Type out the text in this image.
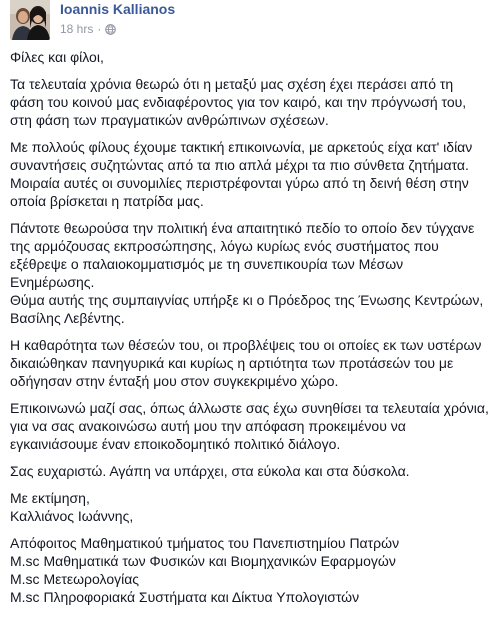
Ioannis Kallianos
18 hrs ·

Φίλες και φίλοι,

Τα τελευταία χρόνια θεωρώ ότι η μεταξύ μας σχέση έχει περάσει από τη
φάση του κοινού μας ενδιαφέροντος για τον καιρό, και την πρόγνωσή του,
στη φάση των πραγματικών ανθρώπινων σχέσεων.

Με πολλούς φίλους έχουμε τακτική επικοινωνία, με αρκετούς είχα κατ' ιδίαν
συναντήσεις συζητώντας από τα πιο απλά μέχρι τα πιο σύνθετα ζητήματα.
Μοιραία αυτές οι συνομιλίες περιστρέφονται γύρω από τη δεινή θέση στην
οποία βρίσκεται η πατρίδα μας.

Πάντοτε θεωρούσα την πολιτική ένα απαιτητικό πεδίο το οποίο δεν τύγχανε
της αρμόζουσας εκπροσώπησης, λόγω κυρίως ενός συστήματος που
εξέθρεψε ο παλαιοκομματισμός με τη συνεπικουρία των Μέσων
Ενημέρωσης.
Θύμα αυτής της συμπαιγνίας υπήρξε κι ο Πρόεδρος της Ένωσης Κεντρώων,
Βασίλης Λεβέντης.

Η καθαρότητα των θέσεών του, οι προβλέψεις του οι οποίες εκ των υστέρων
δικαιώθηκαν πανηγυρικά και κυρίως η αρτιότητα των προτάσεών του με
οδήγησαν στην ένταξή μου στον συγκεκριμένο χώρο.

Επικοινωνώ μαζί σας, όπως άλλωστε σας έχω συνηθίσει τα τελευταία χρόνια,
για να σας ανακοινώσω αυτή μου την απόφαση προκειμένου να
εγκαινιάσουμε έναν εποικοδομητικό πολιτικό διάλογο.

Σας ευχαριστώ. Αγάπη να υπάρχει, στα εύκολα και στα δύσκολα.

Με εκτίμηση,
Καλλιάνος Ιωάννης,

Απόφοιτος Μαθηματικού τμήματος του Πανεπιστημίου Πατρών
M.sc Μαθηματικά των Φυσικών και Βιομηχανικών Εφαρμογών
M.sc Μετεωρολογίας
M.sc Πληροφοριακά Συστήματα και Δίκτυα Υπολογιστών
